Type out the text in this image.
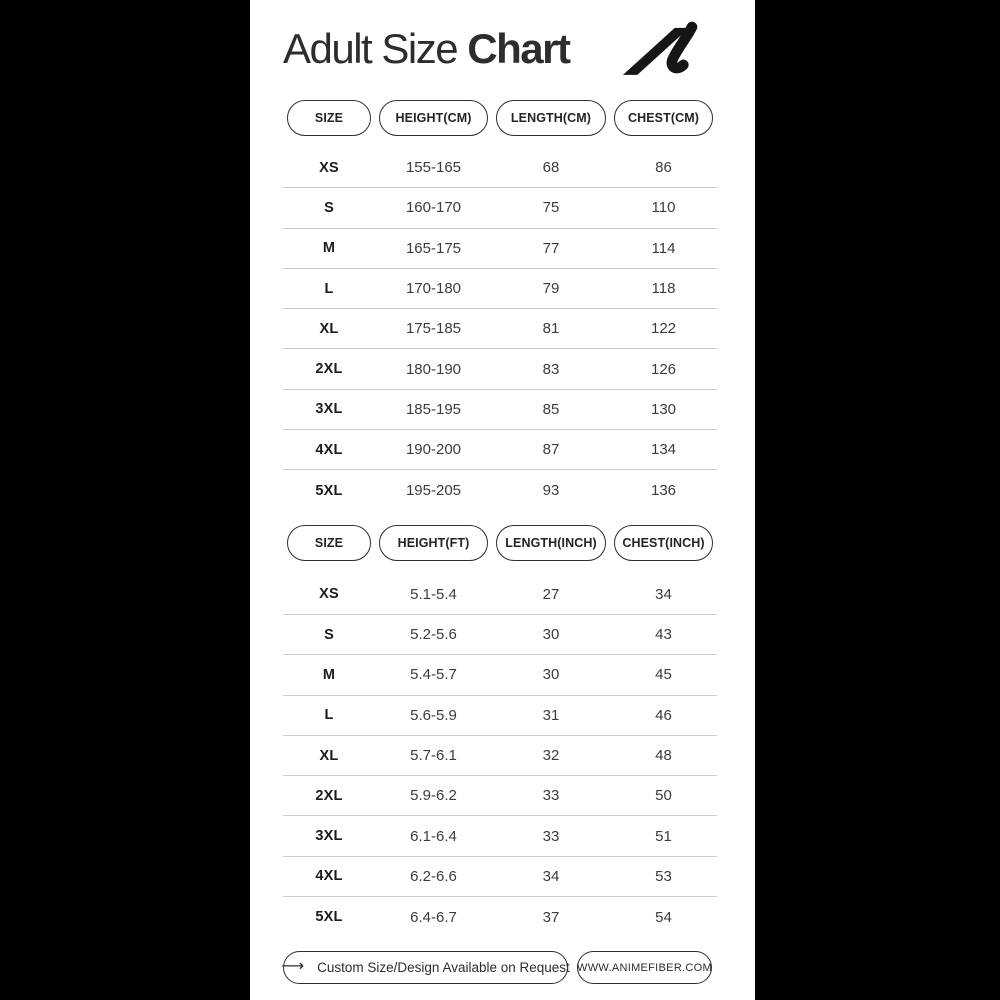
Adult Size Chart
SIZE	HEIGHT(CM)	LENGTH(CM)	CHEST(CM)
XS	155-165	68	86
S	160-170	75	110
M	165-175	77	114
L	170-180	79	118
XL	175-185	81	122
2XL	180-190	83	126
3XL	185-195	85	130
4XL	190-200	87	134
5XL	195-205	93	136
SIZE	HEIGHT(FT)	LENGTH(INCH)	CHEST(INCH)
XS	5.1-5.4	27	34
S	5.2-5.6	30	43
M	5.4-5.7	30	45
L	5.6-5.9	31	46
XL	5.7-6.1	32	48
2XL	5.9-6.2	33	50
3XL	6.1-6.4	33	51
4XL	6.2-6.6	34	53
5XL	6.4-6.7	37	54
⟶ Custom Size/Design Available on Request WWW.ANIMEFIBER.COM
